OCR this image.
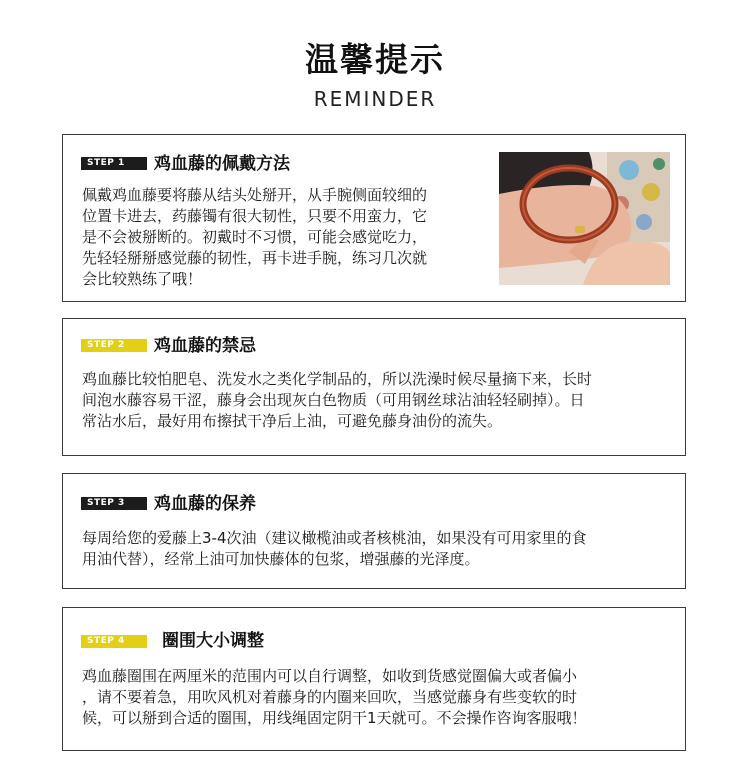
温馨提示
REMINDER
STEP 1	鸡血藤的佩戴方法
佩戴鸡血藤要将藤从结头处掰开，从手腕侧面较细的
位置卡进去，药藤镯有很大韧性，只要不用蛮力，它
是不会被掰断的。初戴时不习惯，可能会感觉吃力，
先轻轻掰掰感觉藤的韧性，再卡进手腕，练习几次就
会比较熟练了哦！
STEP 2	鸡血藤的禁忌
鸡血藤比较怕肥皂、洗发水之类化学制品的，所以洗澡时候尽量摘下来，长时
间泡水藤容易干涩，藤身会出现灰白色物质（可用钢丝球沾油轻轻刷掉）。日
常沾水后，最好用布擦拭干净后上油，可避免藤身油份的流失。
STEP 3	鸡血藤的保养
每周给您的爱藤上3-4次油（建议橄榄油或者核桃油，如果没有可用家里的食
用油代替），经常上油可加快藤体的包浆，增强藤的光泽度。
STEP 4	圈围大小调整
鸡血藤圈围在两厘米的范围内可以自行调整，如收到货感觉圈偏大或者偏小
，请不要着急，用吹风机对着藤身的内圈来回吹，当感觉藤身有些变软的时
候，可以掰到合适的圈围，用线绳固定阴干1天就可。不会操作咨询客服哦！
